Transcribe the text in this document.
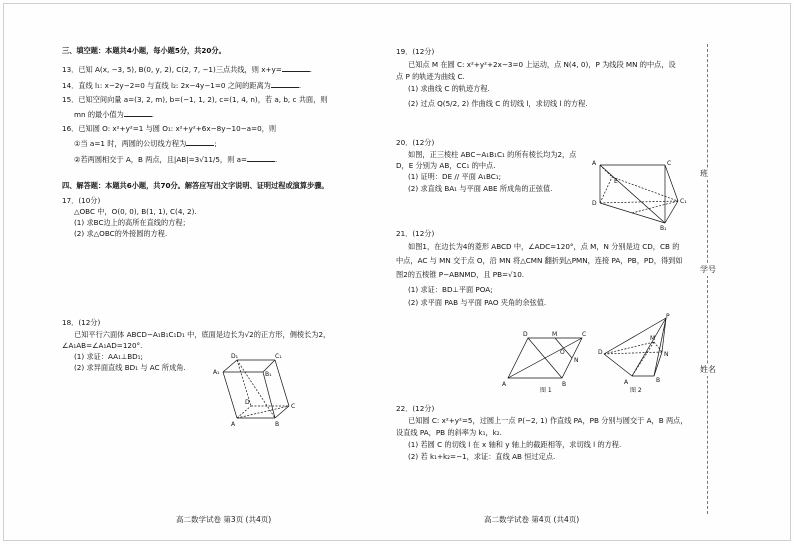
三、填空题：本题共4小题，每小题5分，共20分。
13．已知 A(x, −3, 5), B(0, y, 2), C(2, 7, −1)三点共线，则 x+y=	.
14．直线 l₁: x−2y−2=0 与直线 l₂: 2x−4y−1=0 之间的距离为	.
15．已知空间向量 a=(3, 2, m), b=(−1, 1, 2), c=(1, 4, n)，若 a, b, c 共面，则
mn 的最小值为	.
16．已知圆 O: x²+y²=1 与圆 O₁: x²+y²+6x−8y−10−a=0，则
①当 a=1 时，两圆的公切线方程为	;
②若两圆相交于 A，B 两点，且|AB|=3√11/5，则 a=	.
四、解答题：本题共6小题，共70分。解答应写出文字说明、证明过程或演算步骤。
17．(10分)
△OBC 中，O(0, 0), B(1, 1), C(4, 2).
(1) 求BC边上的高所在直线的方程；
(2) 求△OBC的外接圆的方程.
18．(12分)
已知平行六面体 ABCD−A₁B₁C₁D₁ 中，底面是边长为√2的正方形，侧棱长为2，
∠A₁AB=∠A₁AD=120°.
(1) 求证：AA₁⊥BD₁;
(2) 求异面直线 BD₁ 与 AC 所成角.
D₁	C₁
A₁	B₁
A	B
C
D
高二数学试卷 第3页 (共4页)
19．(12分)
已知点 M 在圆 C: x²+y²+2x−3=0 上运动，点 N(4, 0)，P 为线段 MN 的中点，设
点 P 的轨迹为曲线 C.
(1) 求曲线 C 的轨迹方程.
(2) 过点 Q(5/2, 2) 作曲线 C 的切线 l，求切线 l 的方程.
20．(12分)
如图，正三棱柱 ABC−A₁B₁C₁ 的所有棱长均为2，点
D，E 分别为 AB，CC₁ 的中点.
(1) 证明：DE // 平面 A₁BC₁;
(2) 求直线 BA₁ 与平面 ABE 所成角的正弦值.
A	C
D	C₁
B₁
E
21．(12分)
如图1，在边长为4的菱形 ABCD 中，∠ADC=120°，点 M，N 分别是边 CD，CB 的
中点，AC 与 MN 交于点 O，沿 MN 将△CMN 翻折到△PMN，连接 PA，PB，PD，得到如
图2的五棱锥 P−ABNMD，且 PB=√10.
(1) 求证：BD⊥平面 POA;
(2) 求平面 PAB 与平面 PAO 夹角的余弦值.
D	M	C
A	B
N
O
图 1
P
D
A	B
N
M
图 2
22．(12分)
已知圆 C: x²+y²=5，过圆上一点 P(−2, 1) 作直线 PA，PB 分别与圆交于 A，B 两点，
设直线 PA，PB 的斜率为 k₁，k₂.
(1) 若圆 C 的切线 l 在 x 轴和 y 轴上的截距相等，求切线 l 的方程.
(2) 若 k₁+k₂=−1，求证：直线 AB 恒过定点.
高二数学试卷 第4页 (共4页)
班
学号
姓名
